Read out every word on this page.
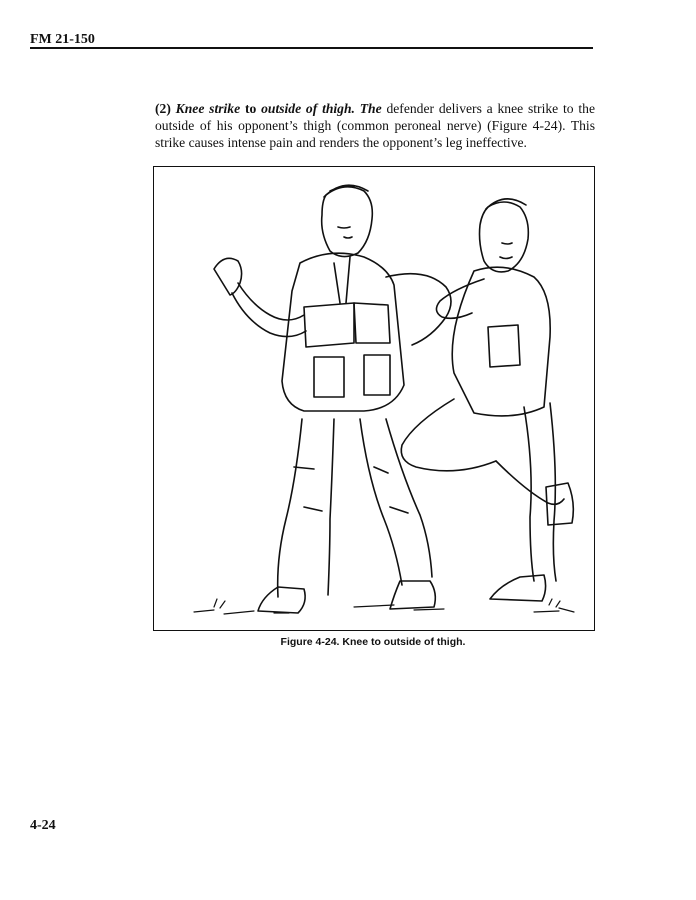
FM 21-150

(2) Knee strike to outside of thigh. The defender delivers a knee strike to the outside of his opponent’s thigh (common peroneal nerve) (Figure 4-24). This strike causes intense pain and renders the opponent’s leg ineffective.

Figure 4-24. Knee to outside of thigh.
4-24
